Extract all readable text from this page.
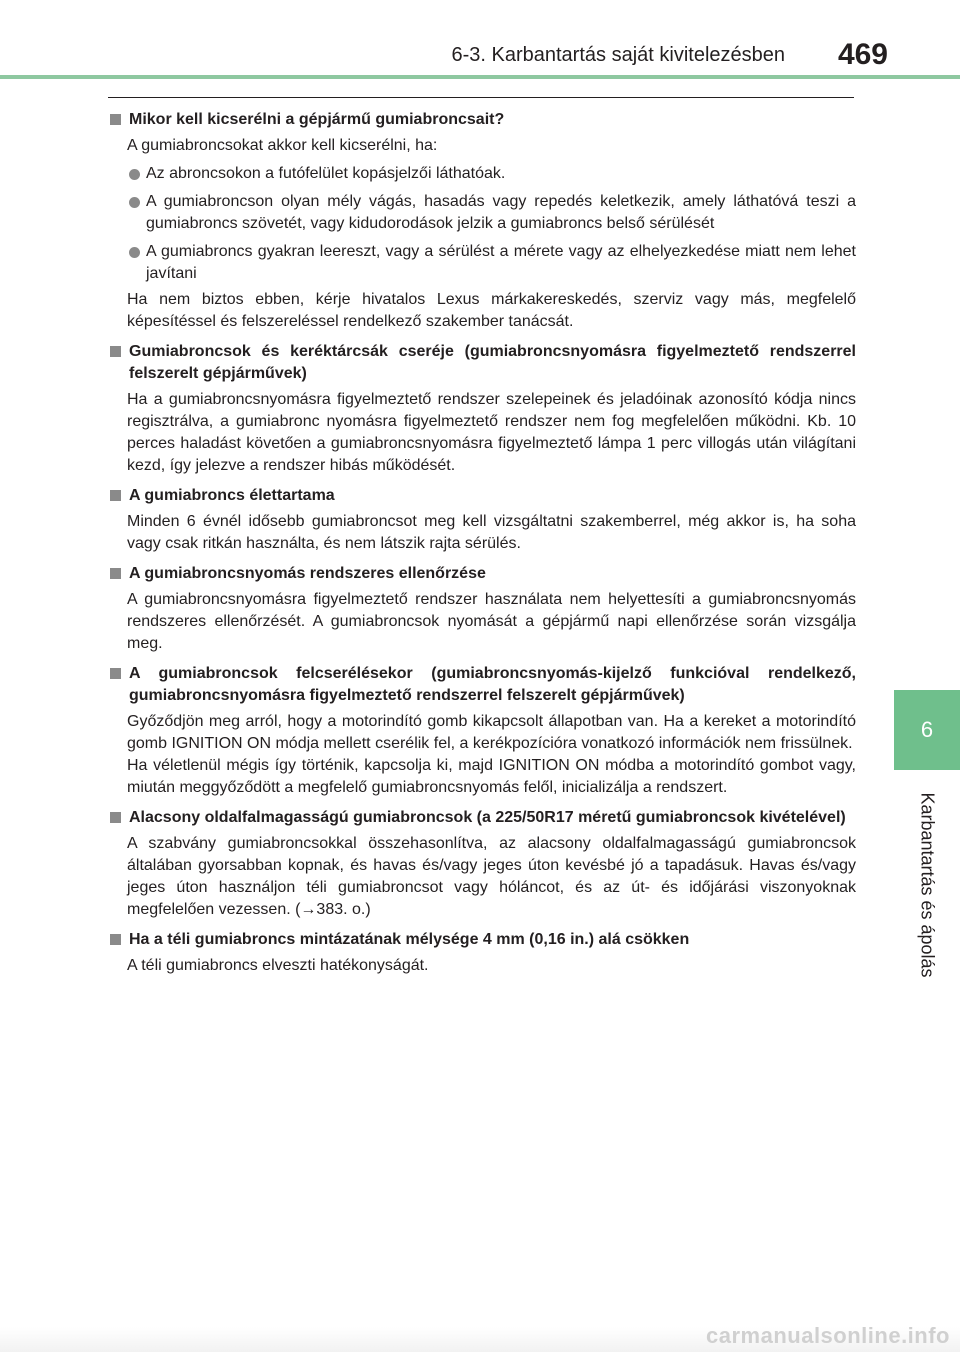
6-3. Karbantartás saját kivitelezésben	469
6
Karbantartás és ápolás
Mikor kell kicserélni a gépjármű gumiabroncsait?
A gumiabroncsokat akkor kell kicserélni, ha:
Az abroncsokon a futófelület kopásjelzői láthatóak.
A gumiabroncson olyan mély vágás, hasadás vagy repedés keletkezik, amely láthatóvá teszi a gumiabroncs szövetét, vagy kidudorodások jelzik a gumiabroncs belső sérülését
A gumiabroncs gyakran leereszt, vagy a sérülést a mérete vagy az elhelyezkedése miatt nem lehet javítani
Ha nem biztos ebben, kérje hivatalos Lexus márkakereskedés, szerviz vagy más, megfelelő képesítéssel és felszereléssel rendelkező szakember tanácsát.
Gumiabroncsok és keréktárcsák cseréje (gumiabroncsnyomásra figyelmeztető rendszerrel felszerelt gépjárművek)
Ha a gumiabroncsnyomásra figyelmeztető rendszer szelepeinek és jeladóinak azonosító kódja nincs regisztrálva, a gumiabronc nyomásra figyelmeztető rendszer nem fog megfelelően működni. Kb. 10 perces haladást követően a gumiabroncsnyomásra figyelmeztető lámpa 1 perc villogás után világítani kezd, így jelezve a rendszer hibás működését.
A gumiabroncs élettartama
Minden 6 évnél idősebb gumiabroncsot meg kell vizsgáltatni szakemberrel, még akkor is, ha soha vagy csak ritkán használta, és nem látszik rajta sérülés.
A gumiabroncsnyomás rendszeres ellenőrzése
A gumiabroncsnyomásra figyelmeztető rendszer használata nem helyettesíti a gumiabroncsnyomás rendszeres ellenőrzését. A gumiabroncsok nyomását a gépjármű napi ellenőrzése során vizsgálja meg.
A gumiabroncsok felcserélésekor (gumiabroncsnyomás-kijelző funkcióval rendelkező, gumiabroncsnyomásra figyelmeztető rendszerrel felszerelt gépjárművek)
Győződjön meg arról, hogy a motorindító gomb kikapcsolt állapotban van. Ha a kereket a motorindító gomb IGNITION ON módja mellett cserélik fel, a kerékpozícióra vonatkozó információk nem frissülnek.
Ha véletlenül mégis így történik, kapcsolja ki, majd IGNITION ON módba a motorindító gombot vagy, miután meggyőződött a megfelelő gumiabroncsnyomás felől, inicializálja a rendszert.
Alacsony oldalfalmagasságú gumiabroncsok (a 225/50R17 méretű gumiabroncsok kivételével)
A szabvány gumiabroncsokkal összehasonlítva, az alacsony oldalfalmagasságú gumiabroncsok általában gyorsabban kopnak, és havas és/vagy jeges úton kevésbé jó a tapadásuk. Havas és/vagy jeges úton használjon téli gumiabroncsot vagy hóláncot, és az út- és időjárási viszonyoknak megfelelően vezessen. (→383. o.)
Ha a téli gumiabroncs mintázatának mélysége 4 mm (0,16 in.) alá csökken
A téli gumiabroncs elveszti hatékonyságát.
carmanualsonline.info
